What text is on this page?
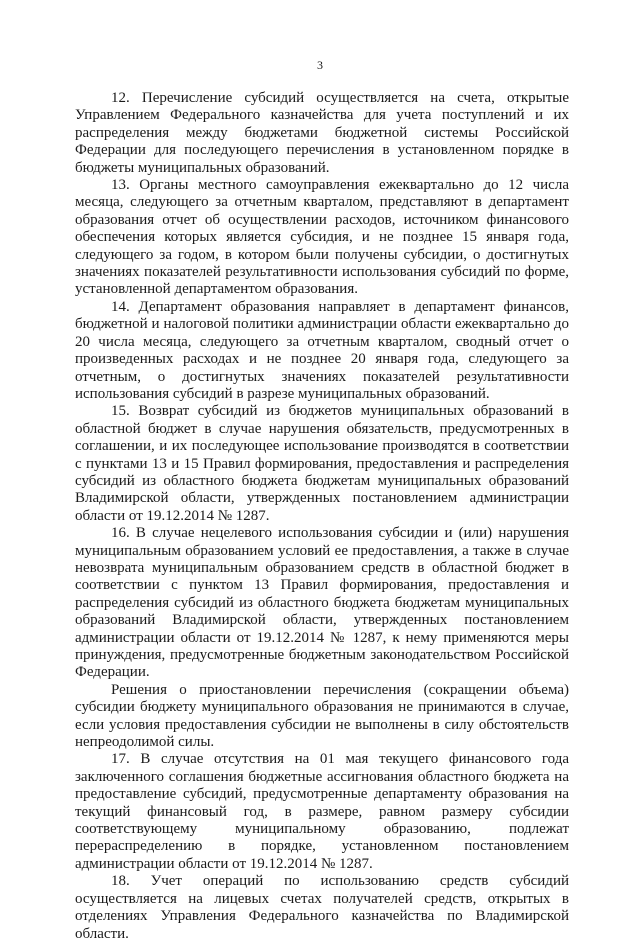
3

12. Перечисление субсидий осуществляется на счета, открытые Управлением Федерального казначейства для учета поступлений и их распределения между бюджетами бюджетной системы Российской Федерации для последующего перечисления в установленном порядке в бюджеты муниципальных образований.

13. Органы местного самоуправления ежеквартально до 12 числа месяца, следующего за отчетным кварталом, представляют в департамент образования отчет об осуществлении расходов, источником финансового обеспечения которых является субсидия, и не позднее 15 января года, следующего за годом, в котором были получены субсидии, о достигнутых значениях показателей результативности использования субсидий по форме, установленной департаментом образования.

14. Департамент образования направляет в департамент финансов, бюджетной и налоговой политики администрации области ежеквартально до 20 числа месяца, следующего за отчетным кварталом, сводный отчет о произведенных расходах и не позднее 20 января года, следующего за отчетным, о достигнутых значениях показателей результативности использования субсидий в разрезе муниципальных образований.

15. Возврат субсидий из бюджетов муниципальных образований в областной бюджет в случае нарушения обязательств, предусмотренных в соглашении, и их последующее использование производятся в соответствии с пунктами 13 и 15 Правил формирования, предоставления и распределения субсидий из областного бюджета бюджетам муниципальных образований Владимирской области, утвержденных постановлением администрации области от 19.12.2014 № 1287.

16. В случае нецелевого использования субсидии и (или) нарушения муниципальным образованием условий ее предоставления, а также в случае невозврата муниципальным образованием средств в областной бюджет в соответствии с пунктом 13 Правил формирования, предоставления и распределения субсидий из областного бюджета бюджетам муниципальных образований Владимирской области, утвержденных постановлением администрации области от 19.12.2014 № 1287, к нему применяются меры принуждения, предусмотренные бюджетным законодательством Российской Федерации.

Решения о приостановлении перечисления (сокращении объема) субсидии бюджету муниципального образования не принимаются в случае, если условия предоставления субсидии не выполнены в силу обстоятельств непреодолимой силы.

17. В случае отсутствия на 01 мая текущего финансового года заключенного соглашения бюджетные ассигнования областного бюджета на предоставление субсидий, предусмотренные департаменту образования на текущий финансовый год, в размере, равном размеру субсидии соответствующему муниципальному образованию, подлежат перераспределению в порядке, установленном постановлением администрации области от 19.12.2014 № 1287.

18. Учет операций по использованию средств субсидий осуществляется на лицевых счетах получателей средств, открытых в отделениях Управления Федерального казначейства по Владимирской области.
